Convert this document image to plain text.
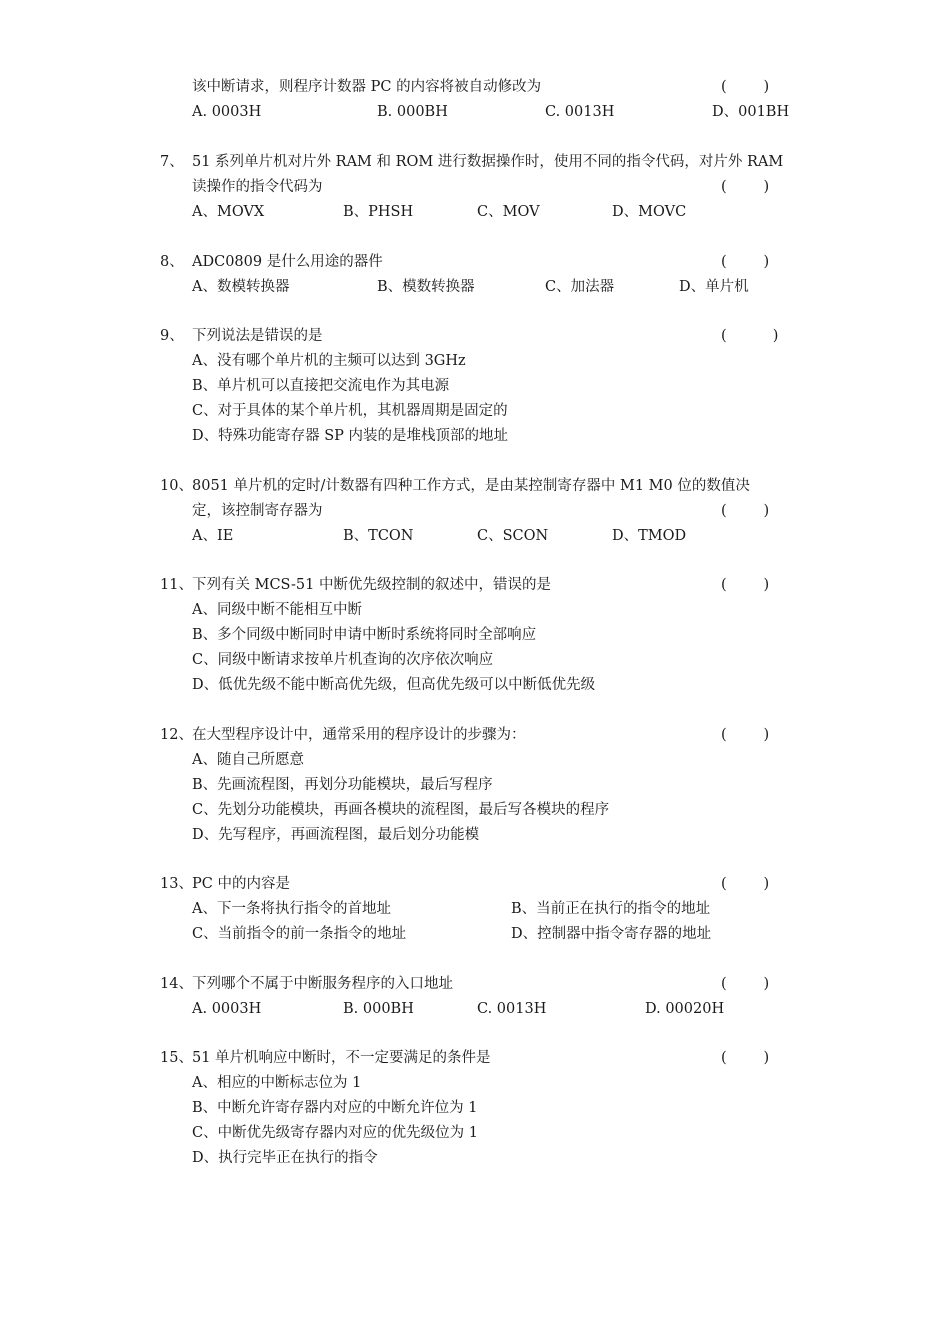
该中断请求，则程序计数器 PC 的内容将被自动修改为	(        )
A. 0003H	B. 000BH	C. 0013H	D、001BH
7、 51 系列单片机对片外 RAM 和 ROM 进行数据操作时，使用不同的指令代码，对片外 RAM
读操作的指令代码为	(        )
A、MOVX	B、PHSH	C、MOV	D、MOVC
8、 ADC0809 是什么用途的器件	(        )
A、数模转换器	B、模数转换器	C、加法器	D、单片机
9、 下列说法是错误的是	(          )
A、没有哪个单片机的主频可以达到 3GHz
B、单片机可以直接把交流电作为其电源
C、对于具体的某个单片机，其机器周期是固定的
D、特殊功能寄存器 SP 内装的是堆栈顶部的地址
10、 8051 单片机的定时/计数器有四种工作方式，是由某控制寄存器中 M1 M0 位的数值决
定，该控制寄存器为	(        )
A、IE	B、TCON	C、SCON	D、TMOD
11、 下列有关 MCS-51 中断优先级控制的叙述中，错误的是	(        )
A、同级中断不能相互中断
B、多个同级中断同时申请中断时系统将同时全部响应
C、同级中断请求按单片机查询的次序依次响应
D、低优先级不能中断高优先级，但高优先级可以中断低优先级
12、 在大型程序设计中，通常采用的程序设计的步骤为：	(        )
A、随自己所愿意
B、先画流程图，再划分功能模块，最后写程序
C、先划分功能模块，再画各模块的流程图，最后写各模块的程序
D、先写程序，再画流程图，最后划分功能模
13、 PC 中的内容是	(        )
A、下一条将执行指令的首地址	B、当前正在执行的指令的地址
C、当前指令的前一条指令的地址	D、控制器中指令寄存器的地址
14、 下列哪个不属于中断服务程序的入口地址	(        )
A. 0003H	B. 000BH	C. 0013H	D. 00020H
15、 51 单片机响应中断时，不一定要满足的条件是	(        )
A、相应的中断标志位为 1
B、中断允许寄存器内对应的中断允许位为 1
C、中断优先级寄存器内对应的优先级位为 1
D、执行完毕正在执行的指令
